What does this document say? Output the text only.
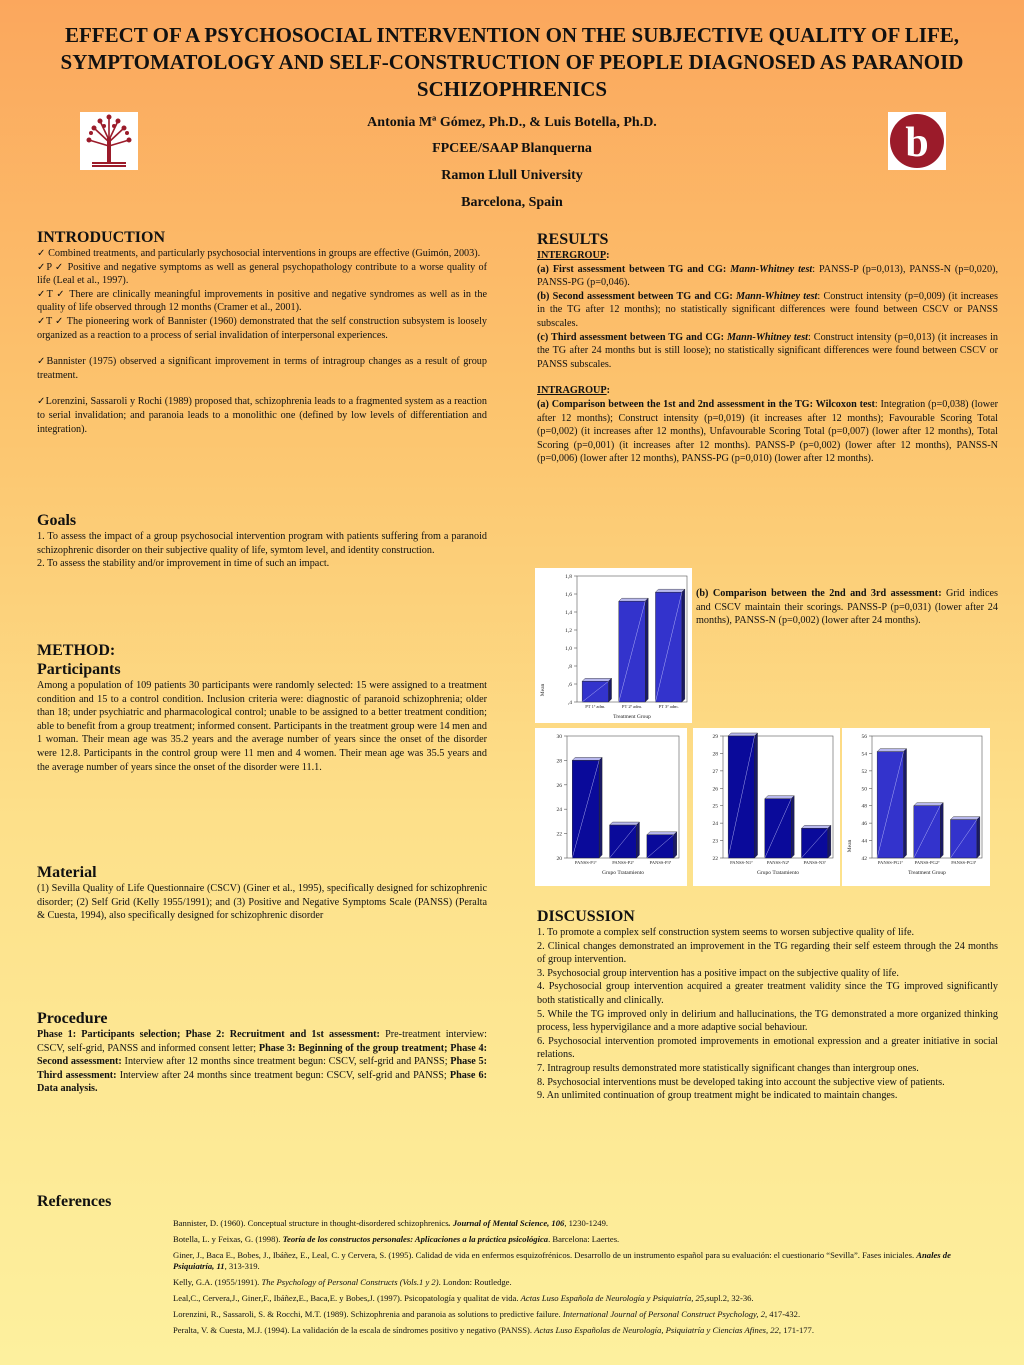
EFFECT OF A PSYCHOSOCIAL INTERVENTION ON THE SUBJECTIVE QUALITY OF LIFE, SYMPTOMATOLOGY AND SELF-CONSTRUCTION OF PEOPLE DIAGNOSED AS PARANOID SCHIZOPHRENICS
b
Antonia Mª Gómez, Ph.D., & Luis Botella, Ph.D.
FPCEE/SAAP Blanquerna
Ramon Llull University
Barcelona, Spain
INTRODUCTION

✓ Combined treatments, and particularly psychosocial interventions in groups are effective (Guimón, 2003).

✓P ✓ Positive and negative symptoms as well as general psychopathology contribute to a worse quality of life (Leal et al., 1997).

✓T ✓ There are clinically meaningful improvements in positive and negative syndromes as well as in the quality of life observed through 12 months (Cramer et al., 2001).

✓T ✓ The pioneering work of Bannister (1960) demonstrated that the self construction subsystem is loosely organized as a reaction to a process of serial invalidation of interpersonal experiences.

✓Bannister (1975) observed a significant improvement in terms of intragroup changes as a result of group treatment.

✓Lorenzini, Sassaroli y Rochi (1989) proposed that, schizophrenia leads to a fragmented system as a reaction to serial invalidation; and paranoia leads to a monolithic one (defined by low levels of differentiation and integration).

Goals

1. To assess the impact of a group psychosocial intervention program with patients suffering from a paranoid schizophrenic disorder on their subjective quality of life, symtom level, and identity construction.

2. To assess the stability and/or improvement in time of such an impact.

METHOD:
Participants

Among a population of 109 patients 30 participants were randomly selected: 15 were assigned to a treatment condition and 15 to a control condition. Inclusion criteria were: diagnostic of paranoid schizophrenia; older than 18; under psychiatric and pharmacological control; unable to be assigned to a better treatment condition; able to benefit from a group treatment; informed consent. Participants in the treatment group were 14 men and 1 woman. Their mean age was 35.2 years and the average number of years since the onset of the disorder were 12.8. Participants in the control group were 11 men and 4 women. Their mean age was 35.5 years and the average number of years since the onset of the disorder were 11.1.

Material

(1) Sevilla Quality of Life Questionnaire (CSCV) (Giner et al., 1995), specifically designed for schizophrenic disorder; (2) Self Grid (Kelly 1955/1991); and (3) Positive and Negative Symptoms Scale (PANSS) (Peralta & Cuesta, 1994), also specifically designed for schizophrenic disorder

Procedure

Phase 1: Participants selection; Phase 2: Recruitment and 1st assessment: Pre-treatment interview: CSCV, self-grid, PANSS and informed consent letter; Phase 3: Beginning of the group treatment; Phase 4: Second assessment: Interview after 12 months since treatment begun: CSCV, self-grid and PANSS; Phase 5: Third assessment: Interview after 24 months since treatment begun: CSCV, self-grid and PANSS; Phase 6: Data analysis.

RESULTS

INTERGROUP:

(a) First assessment between TG and CG: Mann-Whitney test: PANSS-P (p=0,013), PANSS-N (p=0,020), PANSS-PG (p=0,046).

(b) Second assessment between TG and CG: Mann-Whitney test: Construct intensity (p=0,009) (it increases in the TG after 12 months); no statistically significant differences were found between CSCV or PANSS subscales.

(c) Third assessment between TG and CG: Mann-Whitney test: Construct intensity (p=0,013) (it increases in the TG after 24 months but is still loose); no statistically significant differences were found between CSCV or PANSS subscales.

INTRAGROUP:

(a) Comparison between the 1st and 2nd assessment in the TG: Wilcoxon test: Integration (p=0,038) (lower after 12 months); Construct intensity (p=0,019) (it increases after 12 months); Favourable Scoring Total (p=0,002) (it increases after 12 months), Unfavourable Scoring Total (p=0,007) (lower after 12 months), Total Scoring (p=0,001) (it increases after 12 months). PANSS-P (p=0,002) (lower after 12 months), PANSS-N (p=0,006) (lower after 12 months), PANSS-PG (p=0,010) (lower after 12 months).

(b) Comparison between the 2nd and 3rd assessment: Grid indices and CSCV maintain their scorings. PANSS-P (p=0,031) (lower after 24 months), PANSS-N (p=0,002) (lower after 24 months).

1,8
1,6
1,4
1,2
1,0
,8
,6
,4
PT 1ª adm.	PT 2ª adm.	PT 3ª adm.
Treatment Group
Mean
30
28
26
24
22
20
PANSS-P1ª	PANSS-P2ª	PANSS-P3ª
Grupo Tratamiento
29
28
27
26
25
24
23
22
PANSS-N1ª	PANSS-N2ª	PANSS-N3ª
Grupo Tratamiento
56
54
52
50
48
46
44
42
PANSS-PG1ª	PANSS-PG2ª	PANSS-PG3ª
Treatment Group
Mean
DISCUSSION

1. To promote a complex self construction system seems to worsen subjective quality of life.

2. Clinical changes demonstrated an improvement in the TG regarding their self esteem through the 24 months of group intervention.

3. Psychosocial group intervention has a positive impact on the subjective quality of life.

4. Psychosocial group intervention acquired a greater treatment validity since the TG improved significantly both statistically and clinically.

5. While the TG improved only in delirium and hallucinations, the TG demonstrated a more organized thinking process, less hypervigilance and a more adaptive social behaviour.

6. Psychosocial intervention promoted improvements in emotional expression and a greater initiative in social relations.

7. Intragroup results demonstrated more statistically significant changes than intergroup ones.

8. Psychosocial interventions must be developed taking into account the subjective view of patients.

9. An unlimited continuation of group treatment might be indicated to maintain changes.

References
Bannister, D. (1960). Conceptual structure in thought-disordered schizophrenics. Journal of Mental Science, 106, 1230-1249.
Botella, L. y Feixas, G. (1998). Teoría de los constructos personales: Aplicaciones a la práctica psicológica. Barcelona: Laertes.
Giner, J., Baca E., Bobes, J., Ibáñez, E., Leal, C. y Cervera, S. (1995). Calidad de vida en enfermos esquizofrénicos. Desarrollo de un instrumento español para su evaluación: el cuestionario “Sevilla”. Fases iniciales. Anales de Psiquiatría, 11, 313-319.
Kelly, G.A. (1955/1991). The Psychology of Personal Constructs (Vols.1 y 2). London: Routledge.
Leal,C., Cervera,J., Giner,F., Ibáñez,E., Baca,E. y Bobes,J. (1997). Psicopatología y qualitat de vida. Actas Luso Española de Neurología y Psiquiatría, 25,supl.2, 32-36.
Lorenzini, R., Sassaroli, S. & Rocchi, M.T. (1989). Schizophrenia and paranoia as solutions to predictive failure. International Journal of Personal Construct Psychology, 2, 417-432.
Peralta, V. & Cuesta, M.J. (1994). La validación de la escala de síndromes positivo y negativo (PANSS). Actas Luso Españolas de Neurología, Psiquiatría y Ciencias Afines, 22, 171-177.
